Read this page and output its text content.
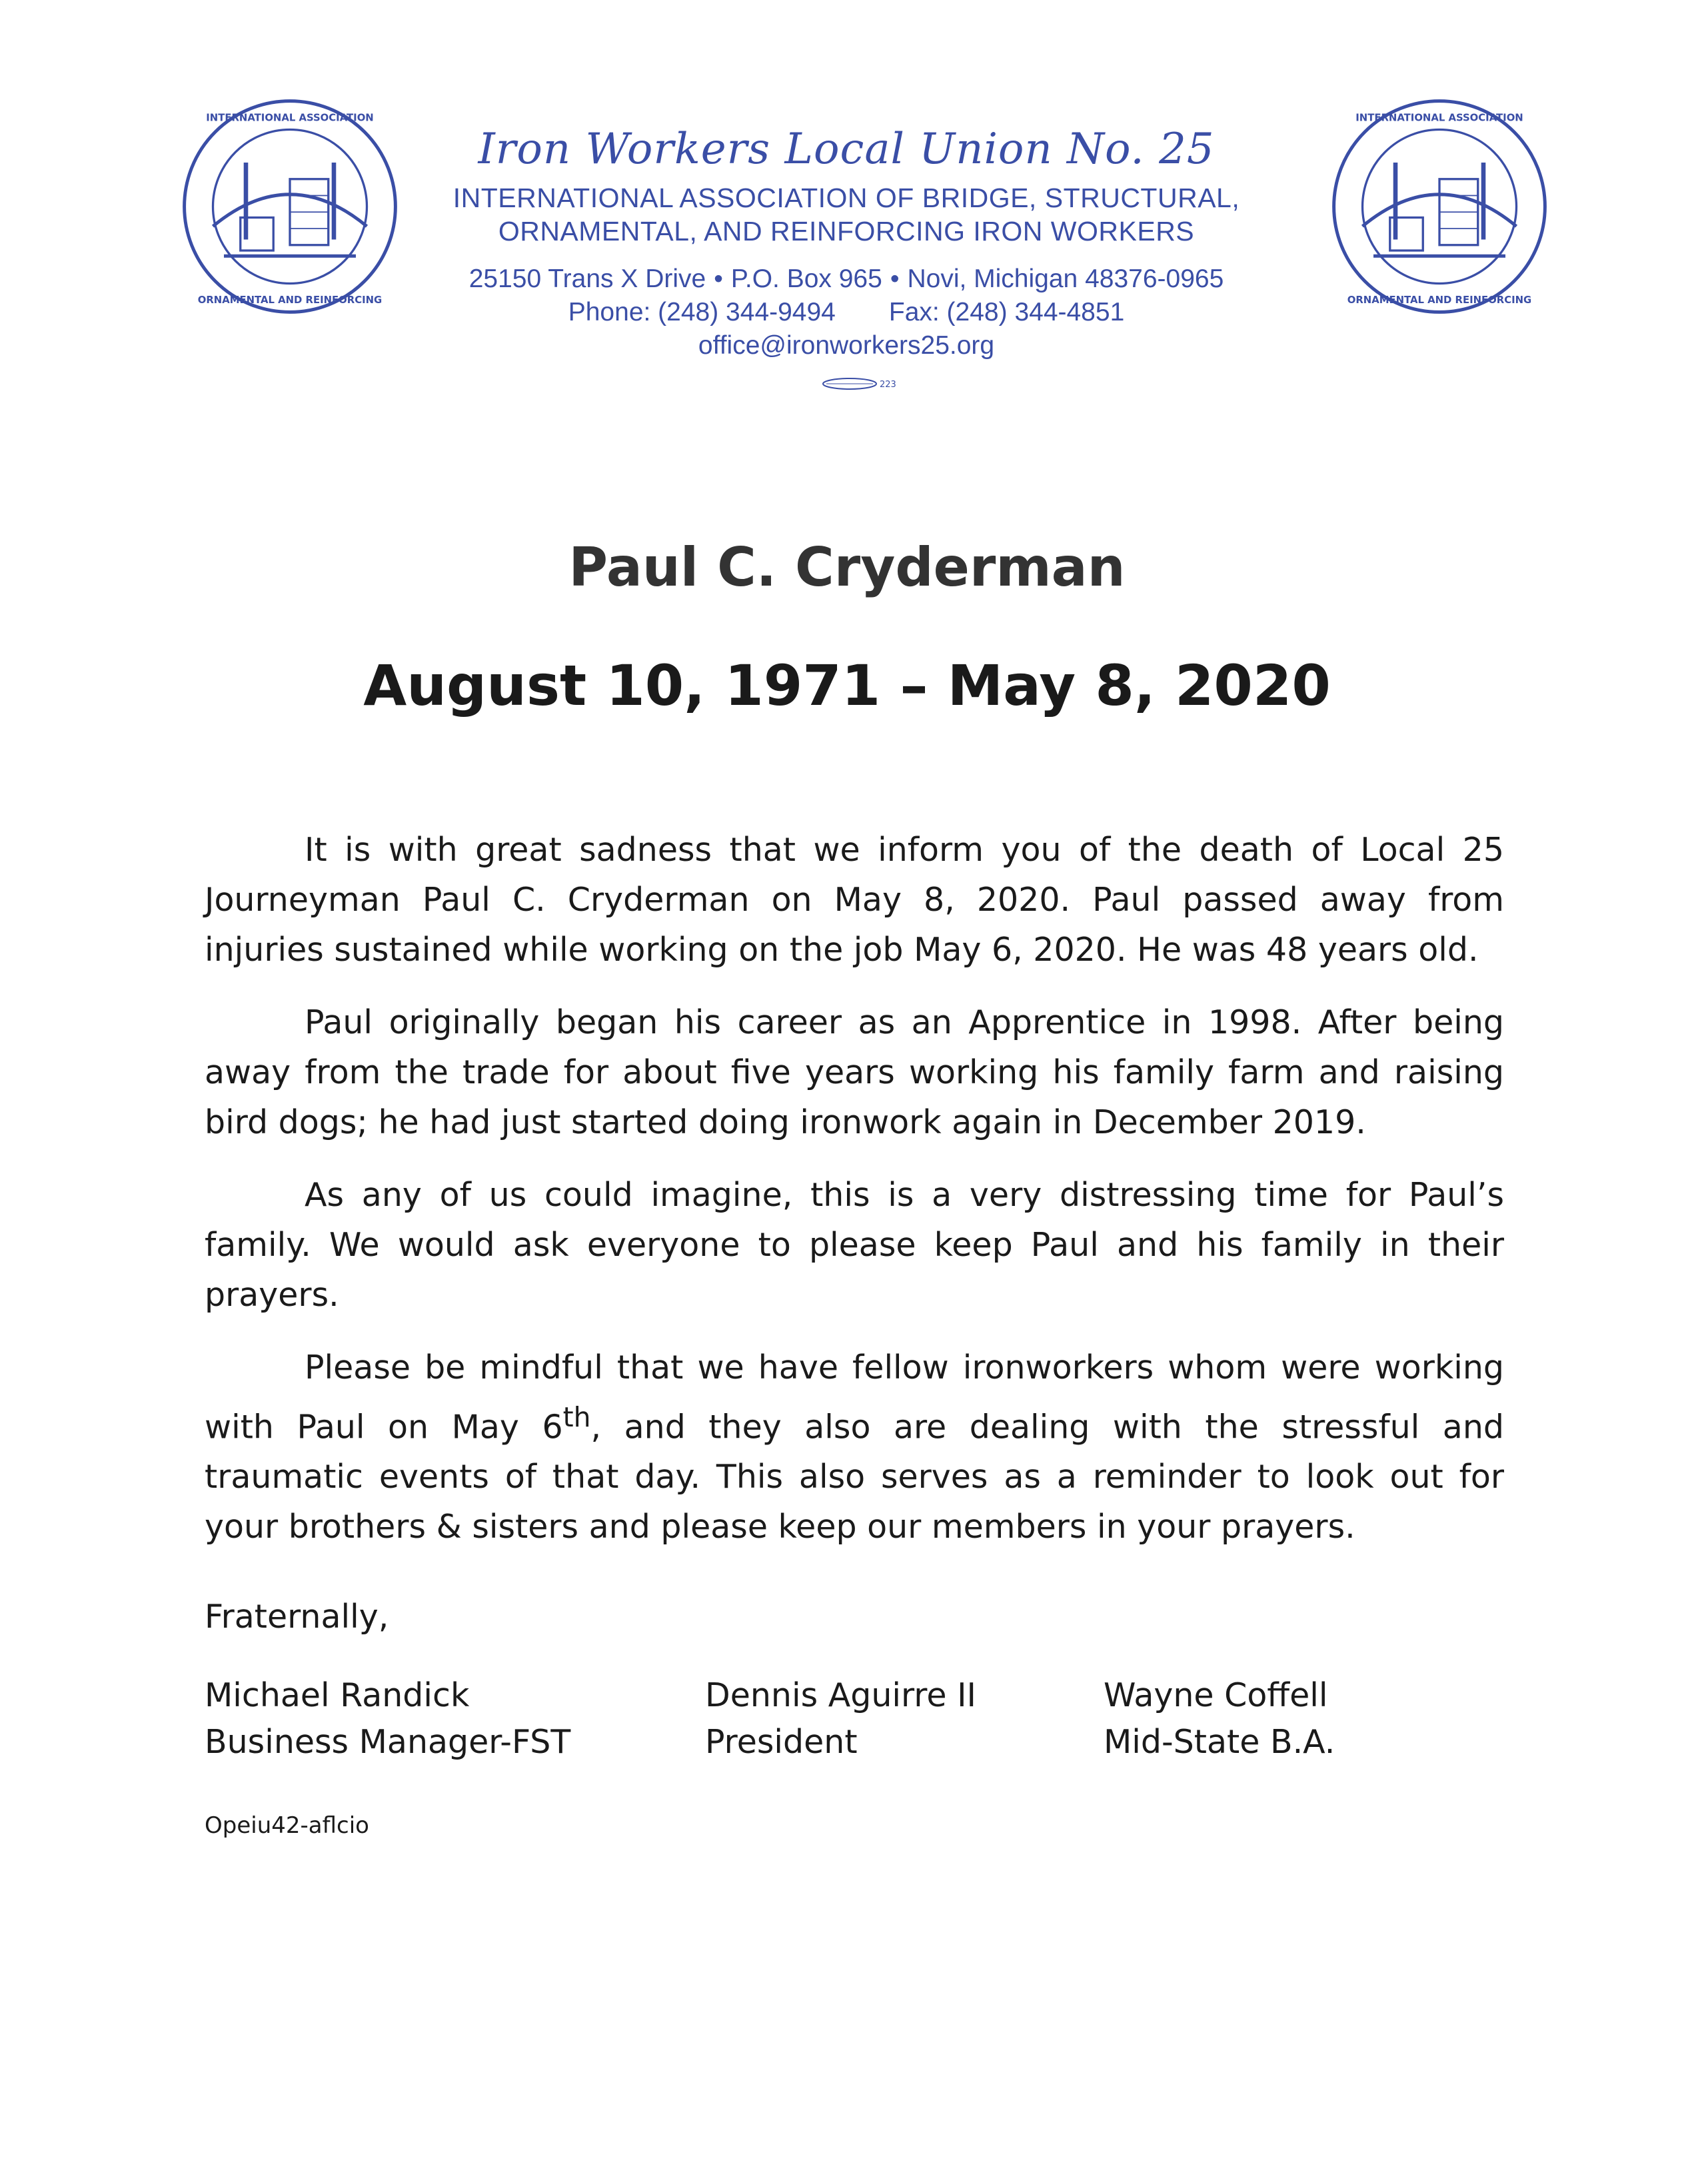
INTERNATIONAL ASSOCIATION
ORNAMENTAL AND REINFORCING
INTERNATIONAL ASSOCIATION
ORNAMENTAL AND REINFORCING
Iron Workers Local Union No. 25
INTERNATIONAL ASSOCIATION OF BRIDGE, STRUCTURAL,
ORNAMENTAL, AND REINFORCING IRON WORKERS
25150 Trans X Drive • P.O. Box 965 • Novi, Michigan 48376-0965
Phone: (248) 344-9494 Fax: (248) 344-4851
office@ironworkers25.org
223
Paul C. Cryderman
August 10, 1971 – May 8, 2020

It is with great sadness that we inform you of the death of Local 25 Journeyman Paul C. Cryderman on May 8, 2020. Paul passed away from injuries sustained while working on the job May 6, 2020. He was 48 years old.

Paul originally began his career as an Apprentice in 1998. After being away from the trade for about five years working his family farm and raising bird dogs; he had just started doing ironwork again in December 2019.

As any of us could imagine, this is a very distressing time for Paul’s family. We would ask everyone to please keep Paul and his family in their prayers.

Please be mindful that we have fellow ironworkers whom were working with Paul on May 6th, and they also are dealing with the stressful and traumatic events of that day. This also serves as a reminder to look out for your brothers & sisters and please keep our members in your prayers.

Fraternally,
Michael Randick
Business Manager-FST
Dennis Aguirre II
President
Wayne Coffell
Mid-State B.A.
Opeiu42-aflcio
